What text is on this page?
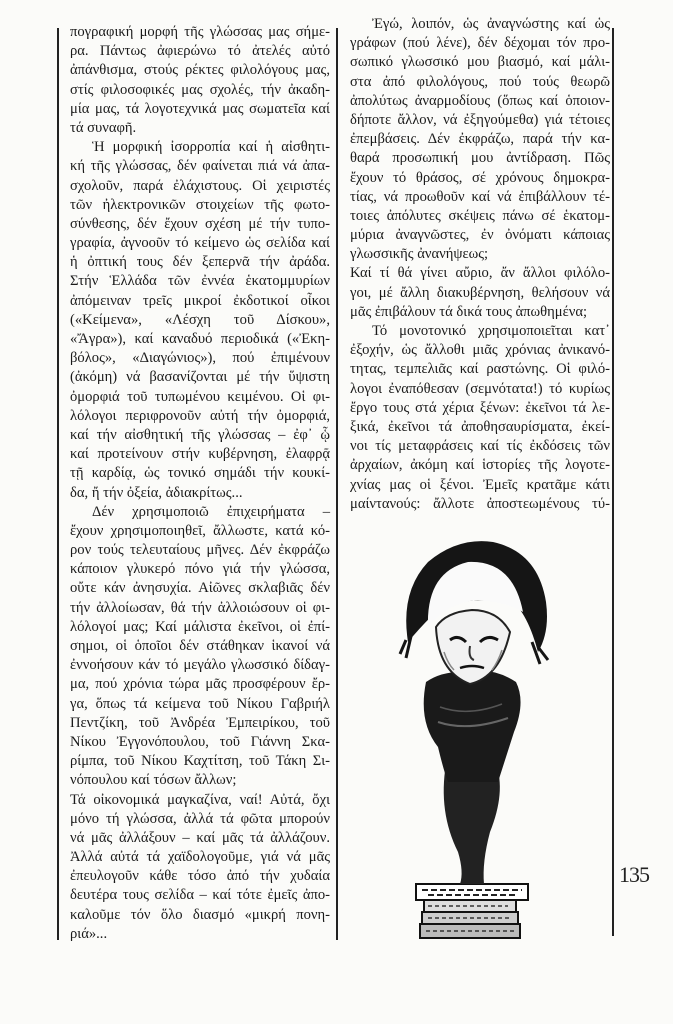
πογραφική μορφή τῆς γλώσσας μας σήμε-
ρα. Πάντως ἀφιερώνω τό ἀτελές αὐτό
ἀπάνθισμα, στούς ρέκτες φιλολόγους μας,
στίς φιλοσοφικές μας σχολές, τήν ἀκαδη-
μία μας, τά λογοτεχνικά μας σωματεῖα καί
τά συναφῆ.
Ἡ μορφική ἰσορροπία καί ἡ αἰσθητι-
κή τῆς γλώσσας, δέν φαίνεται πιά νά ἀπα-
σχολοῦν, παρά ἐλάχιστους. Οἱ χειριστές
τῶν ἠλεκτρονικῶν στοιχείων τῆς φωτο-
σύνθεσης, δέν ἔχουν σχέση μέ τήν τυπο-
γραφία, ἀγνοοῦν τό κείμενο ὡς σελίδα καί
ἡ ὀπτική τους δέν ξεπερνᾶ τήν ἀράδα.
Στήν Ἑλλάδα τῶν ἐννέα ἑκατομμυρίων
ἀπόμειναν τρεῖς μικροί ἐκδοτικοί οἶκοι
(«Κείμενα», «Λέσχη τοῦ Δίσκου»,
«Ἄγρα»), καί καναδυό περιοδικά («Ἐκη-
βόλος», «Διαγώνιος»), πού ἐπιμένουν
(ἀκόμη) νά βασανίζονται μέ τήν ὕψιστη
ὀμορφιά τοῦ τυπωμένου κειμένου. Οἱ φι-
λόλογοι περιφρονοῦν αὐτή τήν ὀμορφιά,
καί τήν αἰσθητική τῆς γλώσσας – ἐφ᾽ ᾧ
καί προτείνουν στήν κυβέρνηση, ἐλαφρᾷ
τῇ καρδίᾳ, ὡς τονικό σημάδι τήν κουκί-
δα, ἤ τήν ὀξεία, ἀδιακρίτως...
Δέν χρησιμοποιῶ ἐπιχειρήματα –
ἔχουν χρησιμοποιηθεῖ, ἄλλωστε, κατά κό-
ρον τούς τελευταίους μῆνες. Δέν ἐκφράζω
κάποιον γλυκερό πόνο γιά τήν γλώσσα,
οὔτε κάν ἀνησυχία. Αἰῶνες σκλαβιᾶς δέν
τήν ἀλλοίωσαν, θά τήν ἀλλοιώσουν οἱ φι-
λόλογοί μας; Καί μάλιστα ἐκεῖνοι, οἱ ἐπί-
σημοι, οἱ ὁποῖοι δέν στάθηκαν ἱκανοί νά
ἐννοήσουν κάν τό μεγάλο γλωσσικό δίδαγ-
μα, πού χρόνια τώρα μᾶς προσφέρουν ἔρ-
γα, ὅπως τά κείμενα τοῦ Νίκου Γαβριήλ
Πεντζίκη, τοῦ Ἀνδρέα Ἐμπειρίκου, τοῦ
Νίκου Ἐγγονόπουλου, τοῦ Γιάννη Σκα-
ρίμπα, τοῦ Νίκου Καχτίτση, τοῦ Τάκη Σι-
νόπουλου καί τόσων ἄλλων;
Τά οἰκονομικά μαγκαζίνα, ναί! Αὐτά, ὄχι
μόνο τή γλώσσα, ἀλλά τά φῶτα μπορούν
νά μᾶς ἀλλάξουν – καί μᾶς τά ἀλλάζουν.
Ἀλλά αὐτά τά χαϊδολογοῦμε, γιά νά μᾶς
ἐπευλογοῦν κάθε τόσο ἀπό τήν χυδαία
δευτέρα τους σελίδα – καί τότε ἐμεῖς ἀπο-
καλοῦμε τόν ὅλο διασμό «μικρή πονη-
ριά»...
Ἐγώ, λοιπόν, ὡς ἀναγνώστης καί ὡς
γράφων (πού λένε), δέν δέχομαι τόν προ-
σωπικό γλωσσικό μου βιασμό, καί μάλι-
στα ἀπό φιλολόγους, πού τούς θεωρῶ
ἀπολύτως ἀναρμοδίους (ὅπως καί ὁποιον-
δήποτε ἄλλον, νά ἐξηγούμεθα) γιά τέτοιες
ἐπεμβάσεις. Δέν ἐκφράζω, παρά τήν κα-
θαρά προσωπική μου ἀντίδραση. Πῶς
ἔχουν τό θράσος, σέ χρόνους δημοκρα-
τίας, νά προωθοῦν καί νά ἐπιβάλλουν τέ-
τοιες ἀπόλυτες σκέψεις πάνω σέ ἑκατομ-
μύρια ἀναγνῶστες, ἐν ὀνόματι κάποιας
γλωσσικῆς ἀνανήψεως;
Καί τί θά γίνει αὔριο, ἄν ἄλλοι φιλόλο-
γοι, μέ ἄλλη διακυβέρνηση, θελήσουν νά
μᾶς ἐπιβάλουν τά δικά τους ἀπωθημένα;
Τό μονοτονικό χρησιμοποιεῖται κατ᾽
ἐξοχήν, ὡς ἄλλοθι μιᾶς χρόνιας ἀνικανό-
τητας, τεμπελιᾶς καί ραστώνης. Οἱ φιλό-
λογοι ἐναπόθεσαν (σεμνότατα!) τό κυρίως
ἔργο τους στά χέρια ξένων: ἐκεῖνοι τά λε-
ξικά, ἐκεῖνοι τά ἀποθησαυρίσματα, ἐκεί-
νοι τίς μεταφράσεις καί τίς ἐκδόσεις τῶν
ἀρχαίων, ἀκόμη καί ἱστορίες τῆς λογοτε-
χνίας μας οἱ ξένοι. Ἐμεῖς κρατᾶμε κάτι
μαίντανούς: ἄλλοτε ἀποστεωμένους τύ-
135
